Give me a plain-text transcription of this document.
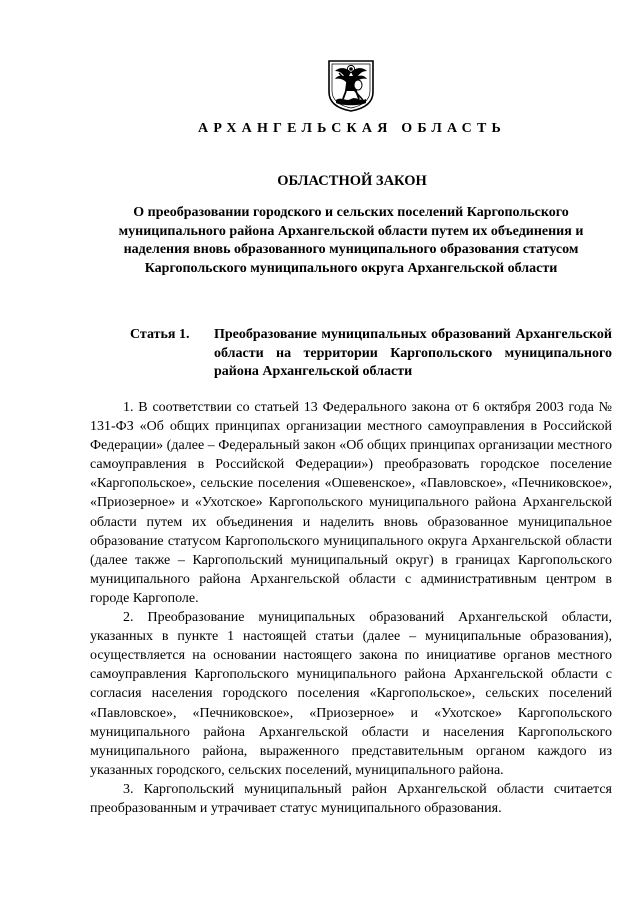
АРХАНГЕЛЬСКАЯ ОБЛАСТЬ
ОБЛАСТНОЙ ЗАКОН
О преобразовании городского и сельских поселений Каргопольского муниципального района Архангельской области путем их объединения и наделения вновь образованного муниципального образования статусом Каргопольского муниципального округа Архангельской области
Статья 1. Преобразование муниципальных образований Архангельской области на территории Каргопольского муниципального района Архангельской области

1. В соответствии со статьей 13 Федерального закона от 6 октября 2003 года № 131-ФЗ «Об общих принципах организации местного самоуправления в Российской Федерации» (далее – Федеральный закон «Об общих принципах организации местного самоуправления в Российской Федерации») преобразовать городское поселение «Каргопольское», сельские поселения «Ошевенское», «Павловское», «Печниковское», «Приозерное» и «Ухотское» Каргопольского муниципального района Архангельской области путем их объединения и наделить вновь образованное муниципальное образование статусом Каргопольского муниципального округа Архангельской области (далее также – Каргопольский муниципальный округ) в границах Каргопольского муниципального района Архангельской области с административным центром в городе Каргополе.

2. Преобразование муниципальных образований Архангельской области, указанных в пункте 1 настоящей статьи (далее – муниципальные образования), осуществляется на основании настоящего закона по инициативе органов местного самоуправления Каргопольского муниципального района Архангельской области с согласия населения городского поселения «Каргопольское», сельских поселений «Павловское», «Печниковское», «Приозерное» и «Ухотское» Каргопольского муниципального района Архангельской области и населения Каргопольского муниципального района, выраженного представительным органом каждого из указанных городского, сельских поселений, муниципального района.

3. Каргопольский муниципальный район Архангельской области считается преобразованным и утрачивает статус муниципального образования.
